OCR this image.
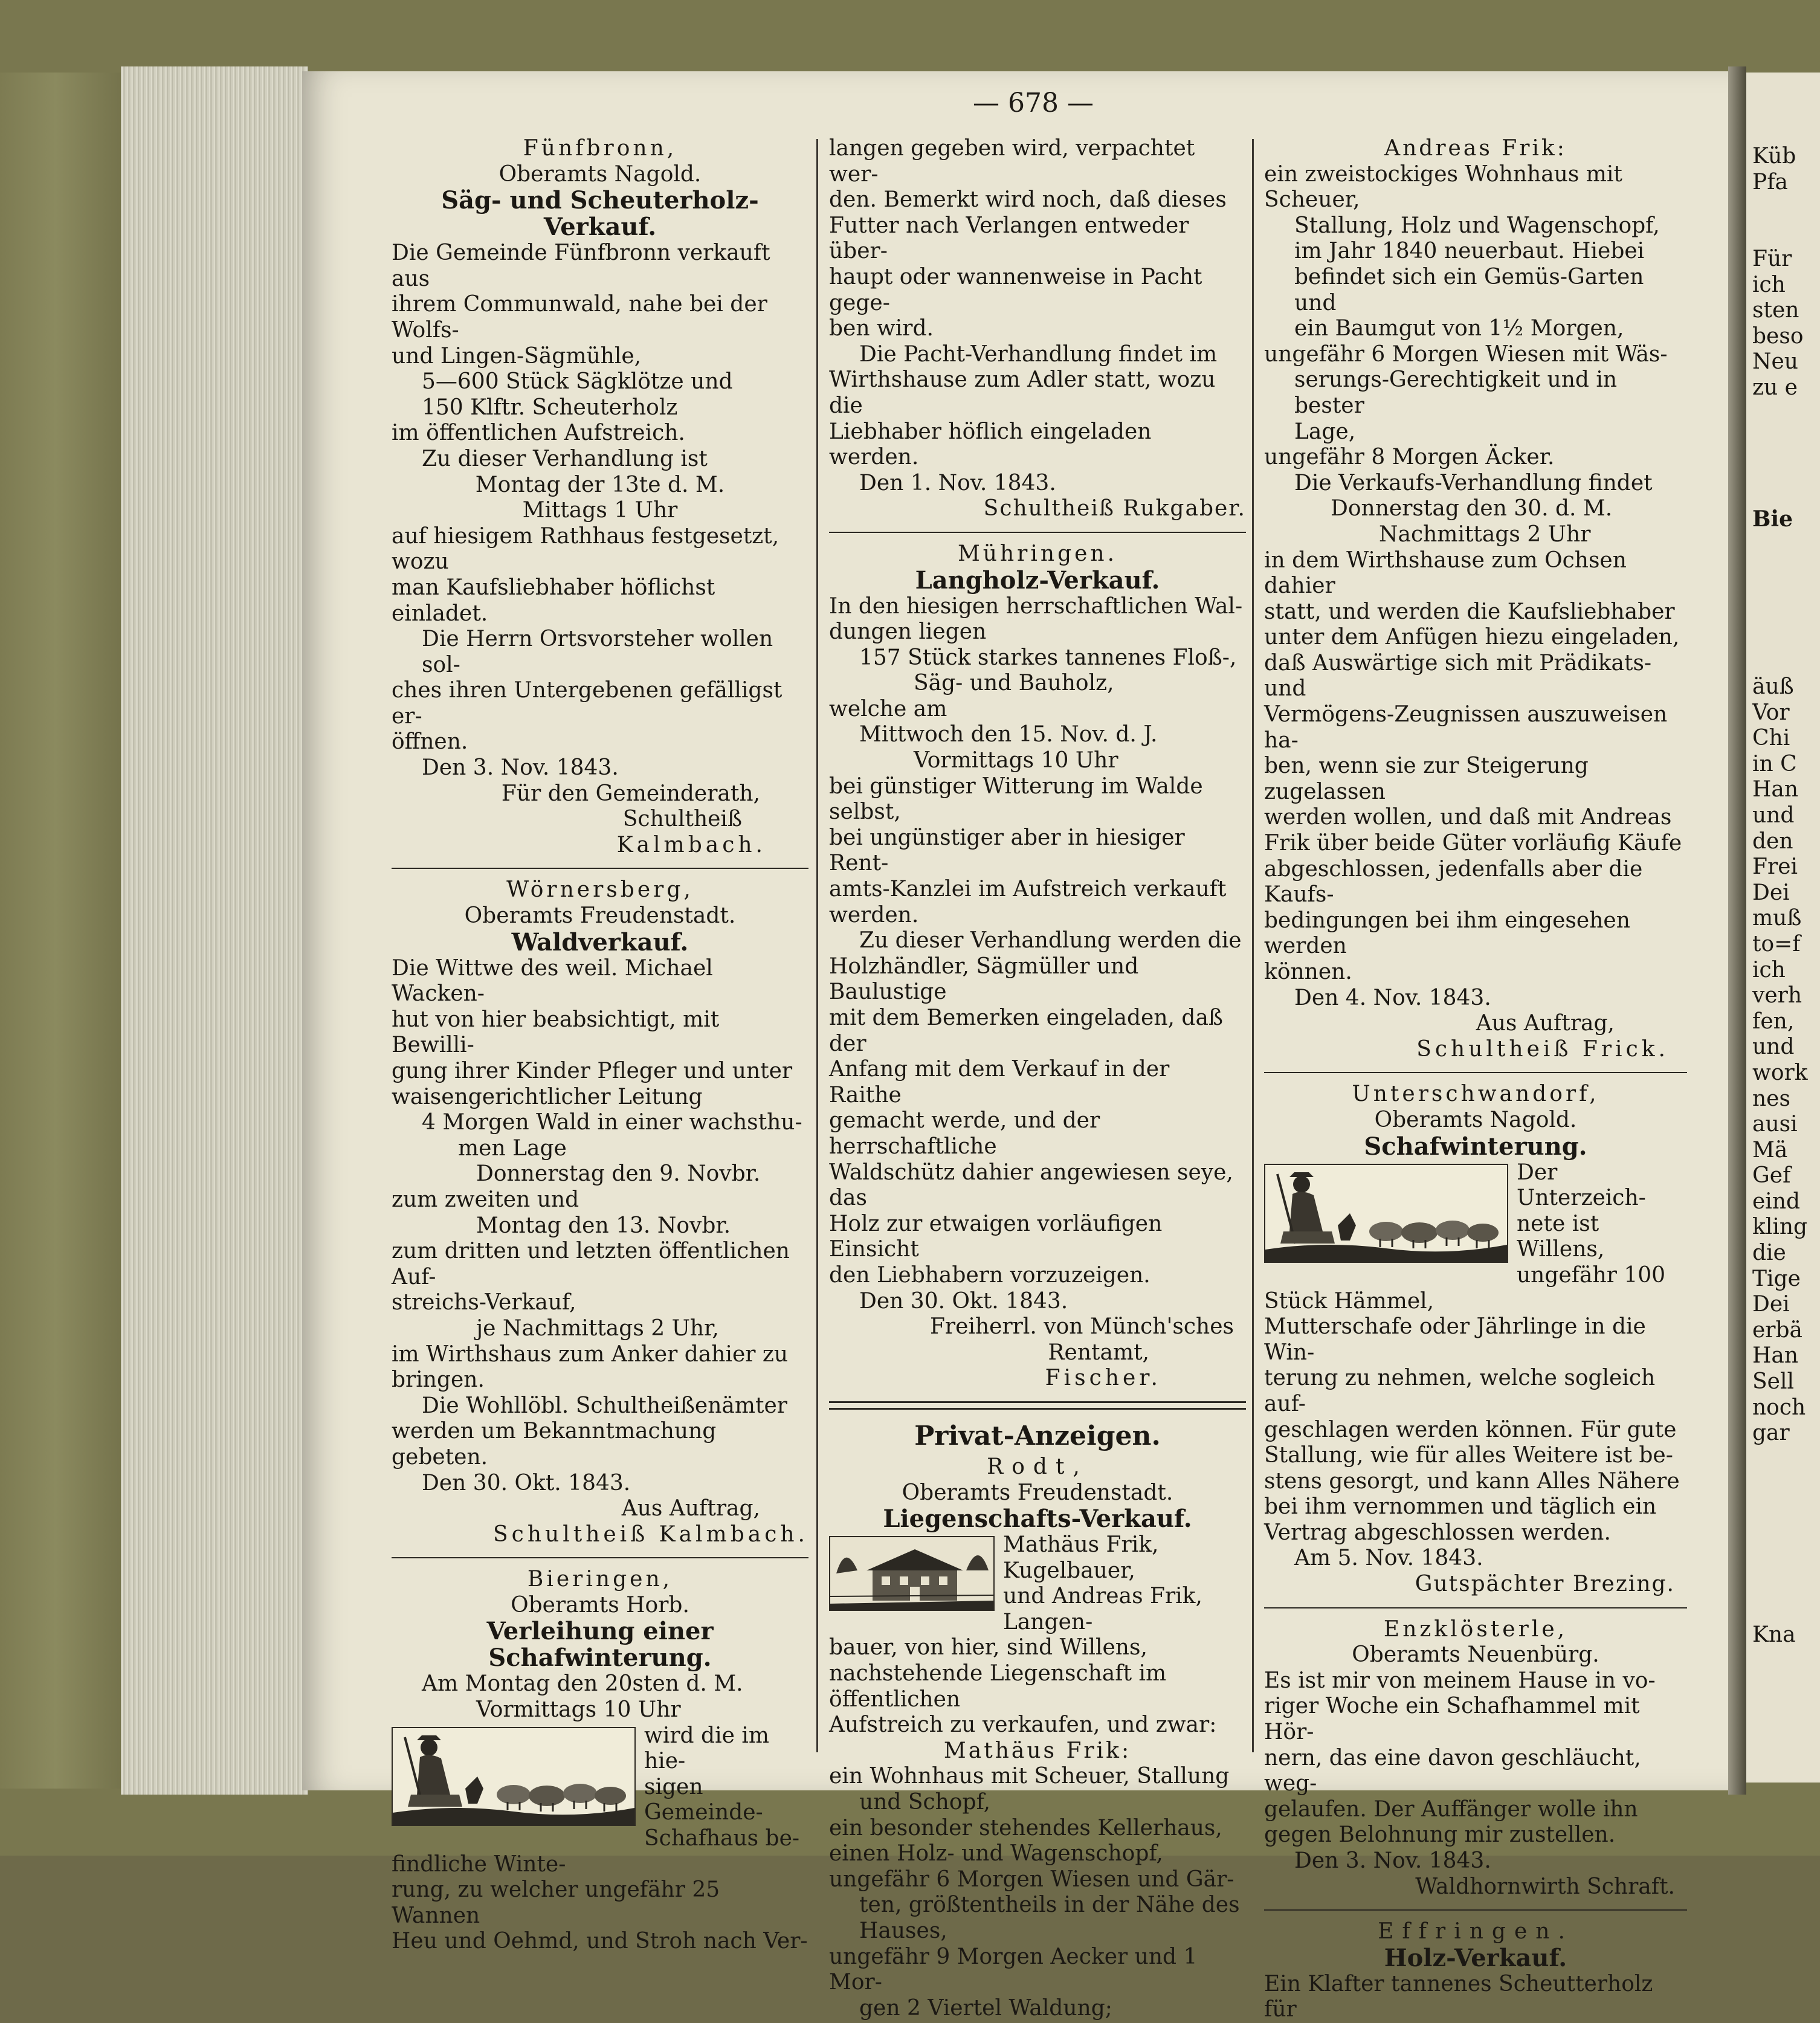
— 678 —

Fünfbronn,

Oberamts Nagold.

Säg- und Scheuterholz-Verkauf.

Die Gemeinde Fünfbronn verkauft aus

ihrem Communwald, nahe bei der Wolfs-

und Lingen-Sägmühle,

5—600 Stück Sägklötze und

150 Klftr. Scheuterholz

im öffentlichen Aufstreich.

Zu dieser Verhandlung ist

Montag der 13te d. M.

Mittags 1 Uhr

auf hiesigem Rathhaus festgesetzt, wozu

man Kaufsliebhaber höflichst einladet.

Die Herrn Ortsvorsteher wollen sol-

ches ihren Untergebenen gefälligst er-

öffnen.

Den 3. Nov. 1843.

Für den Gemeinderath,

Schultheiß

Kalmbach.

Wörnersberg,

Oberamts Freudenstadt.

Waldverkauf.

Die Wittwe des weil. Michael Wacken-

hut von hier beabsichtigt, mit Bewilli-

gung ihrer Kinder Pfleger und unter

waisengerichtlicher Leitung

4 Morgen Wald in einer wachsthu-

men Lage

Donnerstag den 9. Novbr.

zum zweiten und

Montag den 13. Novbr.

zum dritten und letzten öffentlichen Auf-

streichs-Verkauf,

je Nachmittags 2 Uhr,

im Wirthshaus zum Anker dahier zu

bringen.

Die Wohllöbl. Schultheißenämter

werden um Bekanntmachung gebeten.

Den 30. Okt. 1843.

Aus Auftrag,

Schultheiß Kalmbach.

Bieringen,

Oberamts Horb.

Verleihung einer Schafwinterung.

Am Montag den 20sten d. M.

Vormittags 10 Uhr

wird die im hie-

sigen Gemeinde-

Schafhaus be-

findliche Winte-

rung, zu welcher ungefähr 25 Wannen

Heu und Oehmd, und Stroh nach Ver-

langen gegeben wird, verpachtet wer-

den. Bemerkt wird noch, daß dieses

Futter nach Verlangen entweder über-

haupt oder wannenweise in Pacht gege-

ben wird.

Die Pacht-Verhandlung findet im

Wirthshause zum Adler statt, wozu die

Liebhaber höflich eingeladen werden.

Den 1. Nov. 1843.

Schultheiß Rukgaber.

Mühringen.

Langholz-Verkauf.

In den hiesigen herrschaftlichen Wal-

dungen liegen

157 Stück starkes tannenes Floß-,

Säg- und Bauholz,

welche am

Mittwoch den 15. Nov. d. J.

Vormittags 10 Uhr

bei günstiger Witterung im Walde selbst,

bei ungünstiger aber in hiesiger Rent-

amts-Kanzlei im Aufstreich verkauft

werden.

Zu dieser Verhandlung werden die

Holzhändler, Sägmüller und Baulustige

mit dem Bemerken eingeladen, daß der

Anfang mit dem Verkauf in der Raithe

gemacht werde, und der herrschaftliche

Waldschütz dahier angewiesen seye, das

Holz zur etwaigen vorläufigen Einsicht

den Liebhabern vorzuzeigen.

Den 30. Okt. 1843.

Freiherrl. von Münch'sches

Rentamt,

Fischer.

Privat-Anzeigen.

Rodt,

Oberamts Freudenstadt.

Liegenschafts-Verkauf.

Mathäus Frik, Kugelbauer,

und Andreas Frik, Langen-

bauer, von hier, sind Willens,

nachstehende Liegenschaft im öffentlichen

Aufstreich zu verkaufen, und zwar:

Mathäus Frik:

ein Wohnhaus mit Scheuer, Stallung

und Schopf,

ein besonder stehendes Kellerhaus,

einen Holz- und Wagenschopf,

ungefähr 6 Morgen Wiesen und Gär-

ten, größtentheils in der Nähe des

Hauses,

ungefähr 9 Morgen Aecker und 1 Mor-

gen 2 Viertel Waldung;

Andreas Frik:

ein zweistockiges Wohnhaus mit Scheuer,

Stallung, Holz und Wagenschopf,

im Jahr 1840 neuerbaut. Hiebei

befindet sich ein Gemüs-Garten und

ein Baumgut von 1½ Morgen,

ungefähr 6 Morgen Wiesen mit Wäs-

serungs-Gerechtigkeit und in bester

Lage,

ungefähr 8 Morgen Äcker.

Die Verkaufs-Verhandlung findet

Donnerstag den 30. d. M.

Nachmittags 2 Uhr

in dem Wirthshause zum Ochsen dahier

statt, und werden die Kaufsliebhaber

unter dem Anfügen hiezu eingeladen,

daß Auswärtige sich mit Prädikats- und

Vermögens-Zeugnissen auszuweisen ha-

ben, wenn sie zur Steigerung zugelassen

werden wollen, und daß mit Andreas

Frik über beide Güter vorläufig Käufe

abgeschlossen, jedenfalls aber die Kaufs-

bedingungen bei ihm eingesehen werden

können.

Den 4. Nov. 1843.

Aus Auftrag,

Schultheiß Frick.

Unterschwandorf,

Oberamts Nagold.

Schafwinterung.

Der Unterzeich-

nete ist Willens,

ungefähr 100

Stück Hämmel,

Mutterschafe oder Jährlinge in die Win-

terung zu nehmen, welche sogleich auf-

geschlagen werden können. Für gute

Stallung, wie für alles Weitere ist be-

stens gesorgt, und kann Alles Nähere

bei ihm vernommen und täglich ein

Vertrag abgeschlossen werden.

Am 5. Nov. 1843.

Gutspächter Brezing.

Enzklösterle,

Oberamts Neuenbürg.

Es ist mir von meinem Hause in vo-

riger Woche ein Schafhammel mit Hör-

nern, das eine davon geschläucht, weg-

gelaufen. Der Auffänger wolle ihn

gegen Belohnung mir zustellen.

Den 3. Nov. 1843.

Waldhornwirth Schraft.

Effringen.

Holz-Verkauf.

Ein Klafter tannenes Scheutterholz für

Küb

Pfa

Für

ich

sten

beso

Neu

zu e

Bie

äuß

Vor

Chi

in C

Han

und

den

Frei

Dei

muß

to=f

ich

verh

fen,

und

work

nes

ausi

Mä

Gef

eind

kling

die

Tige

Dei

erbä

Han

Sell

noch

gar

Kna
